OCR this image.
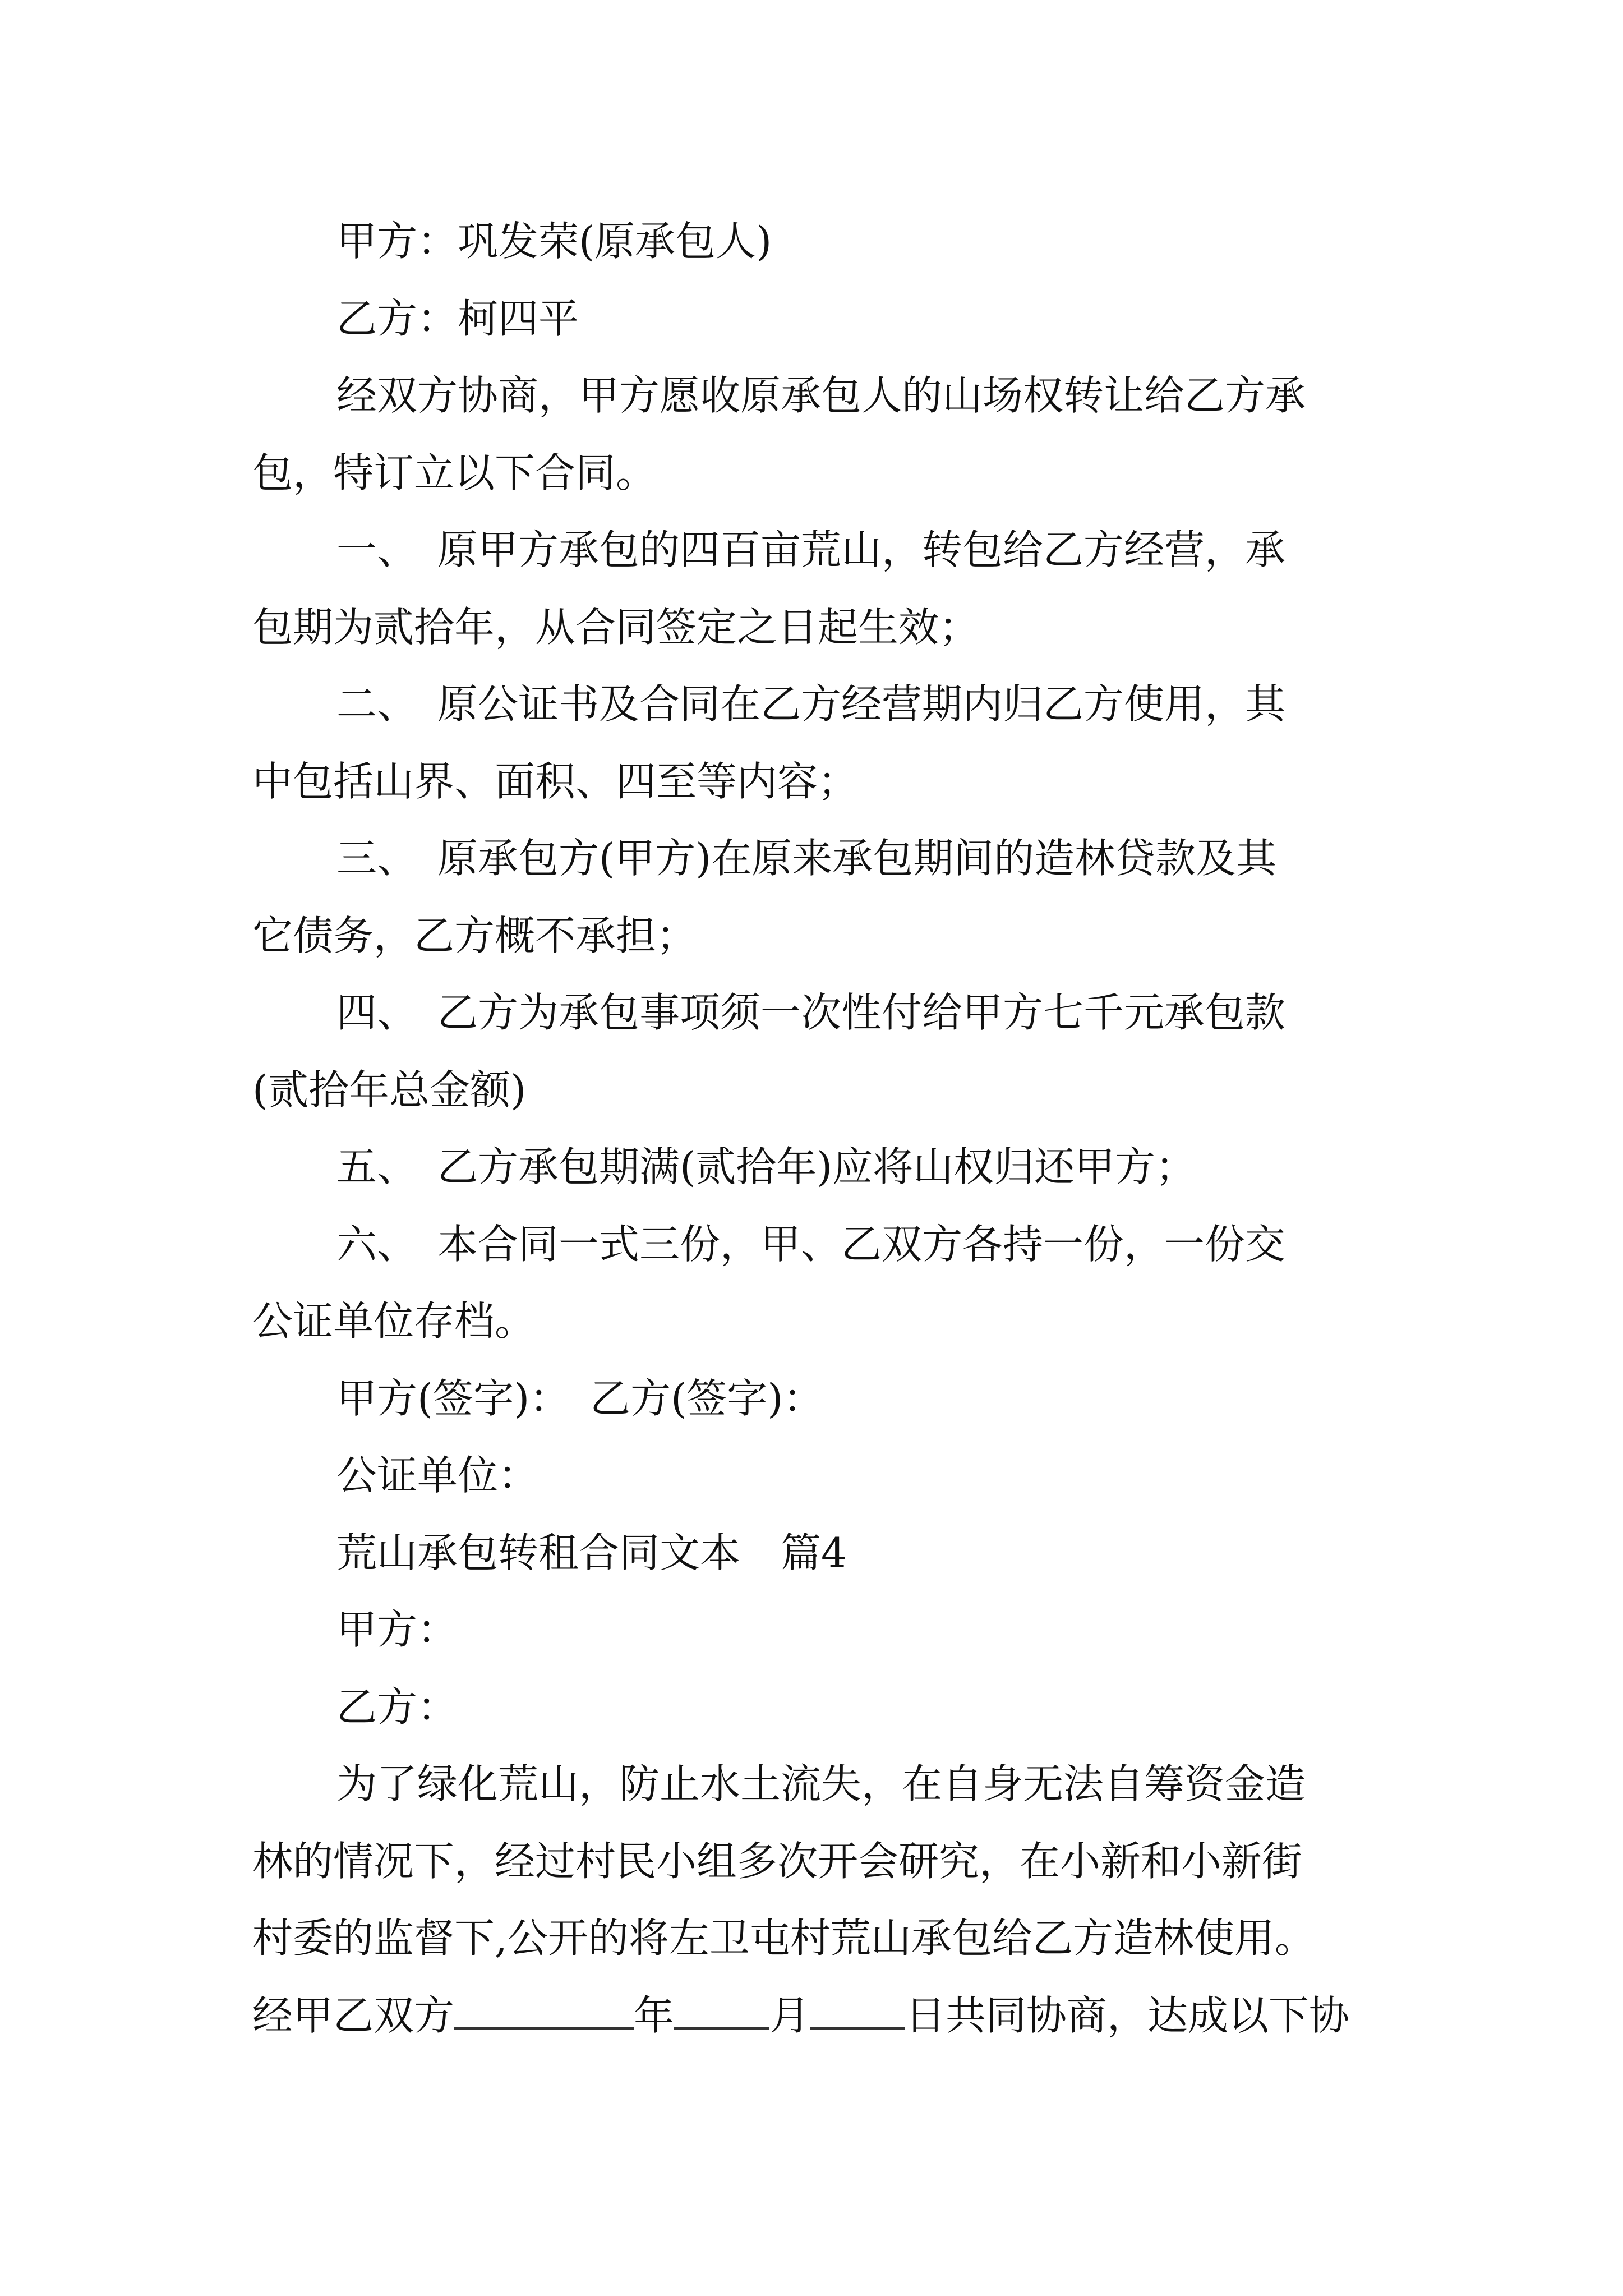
甲方：巩发荣(原承包人)
乙方：柯四平
经双方协商，甲方愿收原承包人的山场权转让给乙方承
包，特订立以下合同。
一、　原甲方承包的四百亩荒山，转包给乙方经营，承
包期为贰拾年，从合同签定之日起生效；
二、　原公证书及合同在乙方经营期内归乙方使用，其
中包括山界、面积、四至等内容；
三、　原承包方(甲方)在原来承包期间的造林贷款及其
它债务，乙方概不承担；
四、　乙方为承包事项须一次性付给甲方七千元承包款
(贰拾年总金额)
五、　乙方承包期满(贰拾年)应将山权归还甲方；
六、　本合同一式三份，甲、乙双方各持一份，一份交
公证单位存档。
甲方(签字)：　乙方(签字)：
公证单位：
荒山承包转租合同文本　篇4
甲方：
乙方：
为了绿化荒山，防止水土流失，在自身无法自筹资金造
林的情况下，经过村民小组多次开会研究，在小新和小新街
村委的监督下,公开的将左卫屯村荒山承包给乙方造林使用。
经甲乙双方	年 月 日共同协商，达成以下协
